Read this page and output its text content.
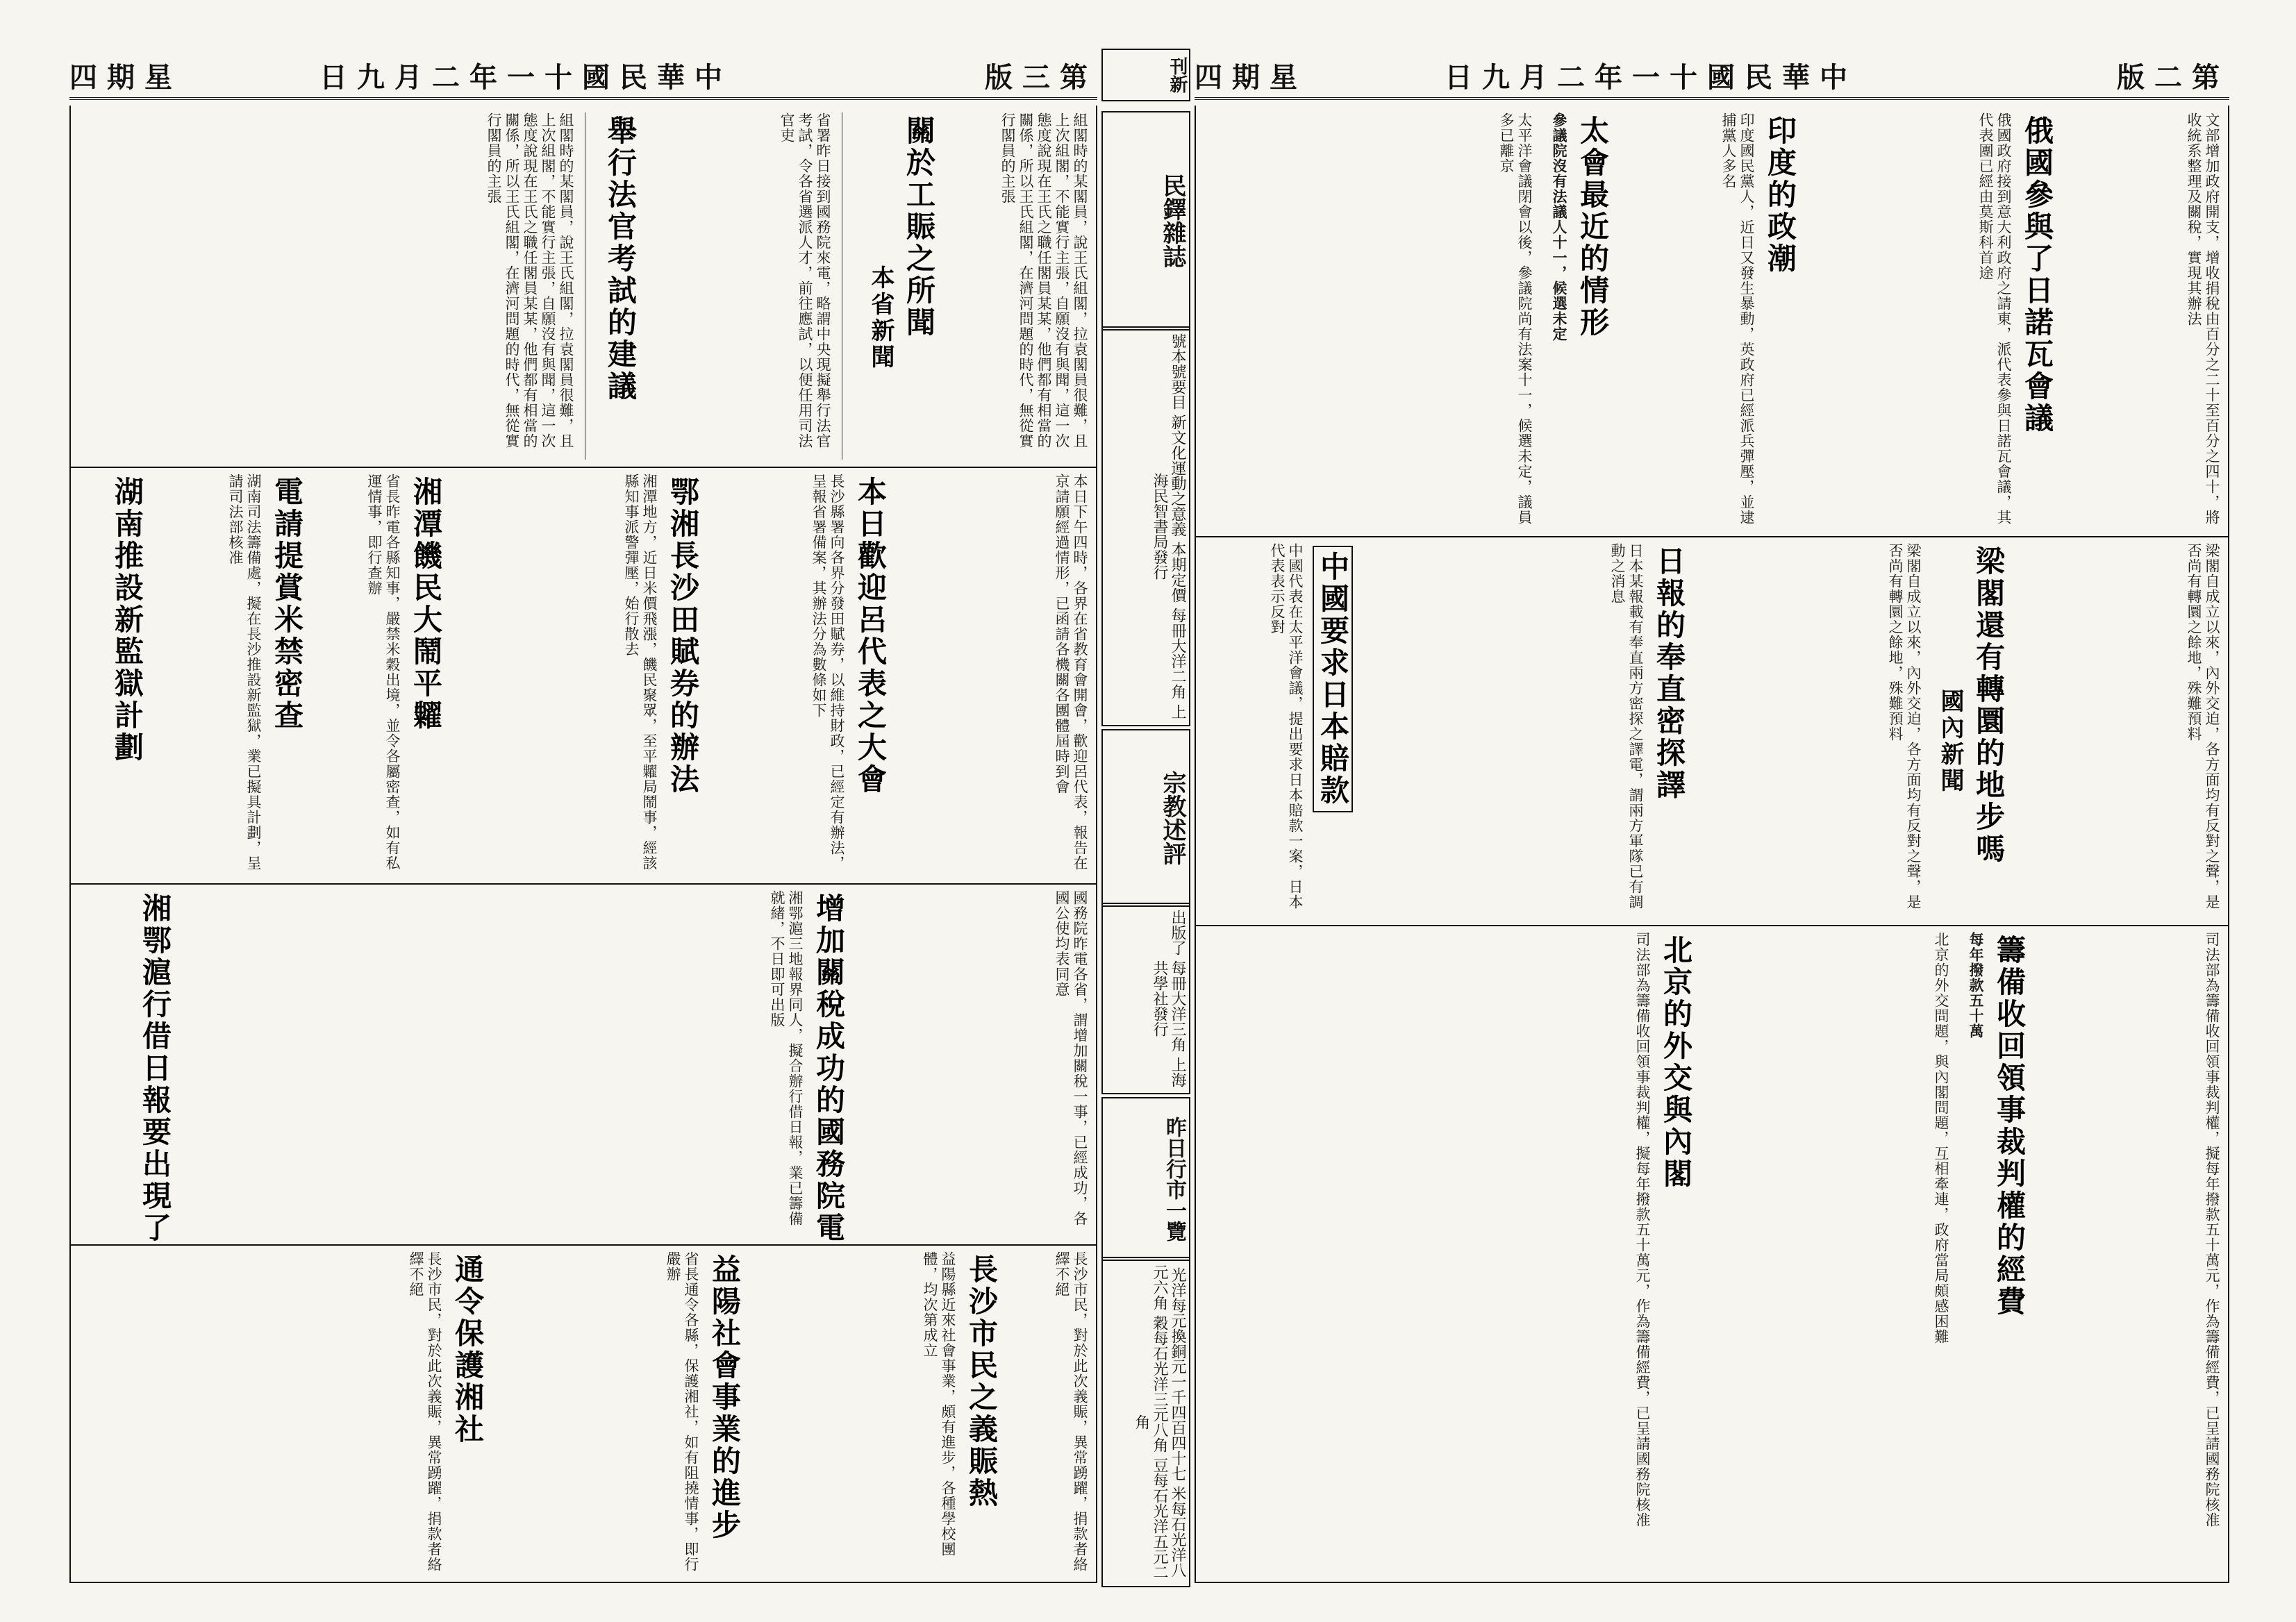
四期星	日九月二年一十國民華中	版三第
組閣時的某閣員，說王氏組閣，拉袁閣員很難，且上次組閣，不能實行主張，自願沒有與聞，這一次態度說現在王氏之職任閣員某某，他們都有相當的關係，所以王氏組閣，在濟河問題的時代，無從實行閣員的主張
關於工賑之所聞
本省新聞
省署昨日接到國務院來電，略謂中央現擬舉行法官考試，令各省選派人才，前往應試，以便任用司法官吏
舉行法官考試的建議
組閣時的某閣員，說王氏組閣，拉袁閣員很難，且上次組閣，不能實行主張，自願沒有與聞，這一次態度說現在王氏之職任閣員某某，他們都有相當的關係，所以王氏組閣，在濟河問題的時代，無從實行閣員的主張
本日下午四時，各界在省教育會開會，歡迎呂代表，報告在京請願經過情形，已函請各機關各團體屆時到會
本日歡迎呂代表之大會
長沙縣署向各界分發田賦券，以維持財政，已經定有辦法，呈報省署備案，其辦法分為數條如下
鄂湘長沙田賦券的辦法
湘潭地方，近日米價飛漲，饑民聚眾，至平糶局鬧事，經該縣知事派警彈壓，始行散去
湘潭饑民大鬧平糶
省長昨電各縣知事，嚴禁米穀出境，並令各屬密查，如有私運情事，即行查辦
電請提賞米禁密查
湖南司法籌備處，擬在長沙推設新監獄，業已擬具計劃，呈請司法部核准
湖南推設新監獄計劃
國務院昨電各省，謂增加關稅一事，已經成功，各國公使均表同意
增加關稅成功的國務院電
湘鄂滬三地報界同人，擬合辦行借日報，業已籌備就緒，不日即可出版
湘鄂滬行借日報要出現了
長沙市民，對於此次義賑，異常踴躍，捐款者絡繹不絕
長沙市民之義賑熱
益陽縣近來社會事業，頗有進步，各種學校團體，均次第成立
益陽社會事業的進步
省長通令各縣，保護湘社，如有阻撓情事，即行嚴辦
通令保護湘社
長沙市民，對於此次義賑，異常踴躍，捐款者絡繹不絕
刊新
民鐸雜誌
號本號要目 新文化運動之意義 本期定價 每冊大洋二角 上海民智書局發行
宗教述評
出版了 每冊大洋三角 上海共學社發行
昨日行市一覽
光洋每元換銅元一千四百四十七 米每石光洋八元六角 穀每石光洋三元八角 豆每石光洋五元二角
四期星	日九月二年一十國民華中	版二第
文部增加政府開支，增收捐稅由百分之二十至百分之四十，將收統系整理及關稅，實現其辦法
俄國參與了日諾瓦會議
俄國政府接到意大利政府之請東，派代表參與日諾瓦會議，其代表團已經由莫斯科首途
印度的政潮
印度國民黨人，近日又發生暴動，英政府已經派兵彈壓，並逮捕黨人多名
太會最近的情形
參議院沒有法議人十一，候選未定
太平洋會議閉會以後，參議院尚有法案十一，候選未定，議員多已離京
梁閣自成立以來，內外交迫，各方面均有反對之聲，是否尚有轉圜之餘地，殊難預料
梁閣還有轉圜的地步嗎
國內新聞
梁閣自成立以來，內外交迫，各方面均有反對之聲，是否尚有轉圜之餘地，殊難預料
日報的奉直密探譯
日本某報載有奉直兩方密探之譯電，謂兩方軍隊已有調動之消息
中國要求日本賠款
中國代表在太平洋會議，提出要求日本賠款一案，日本代表表示反對
司法部為籌備收回領事裁判權，擬每年撥款五十萬元，作為籌備經費，已呈請國務院核准
籌備收回領事裁判權的經費
每年撥款五十萬
北京的外交問題，與內閣問題，互相牽連，政府當局頗感困難
北京的外交與內閣
司法部為籌備收回領事裁判權，擬每年撥款五十萬元，作為籌備經費，已呈請國務院核准
